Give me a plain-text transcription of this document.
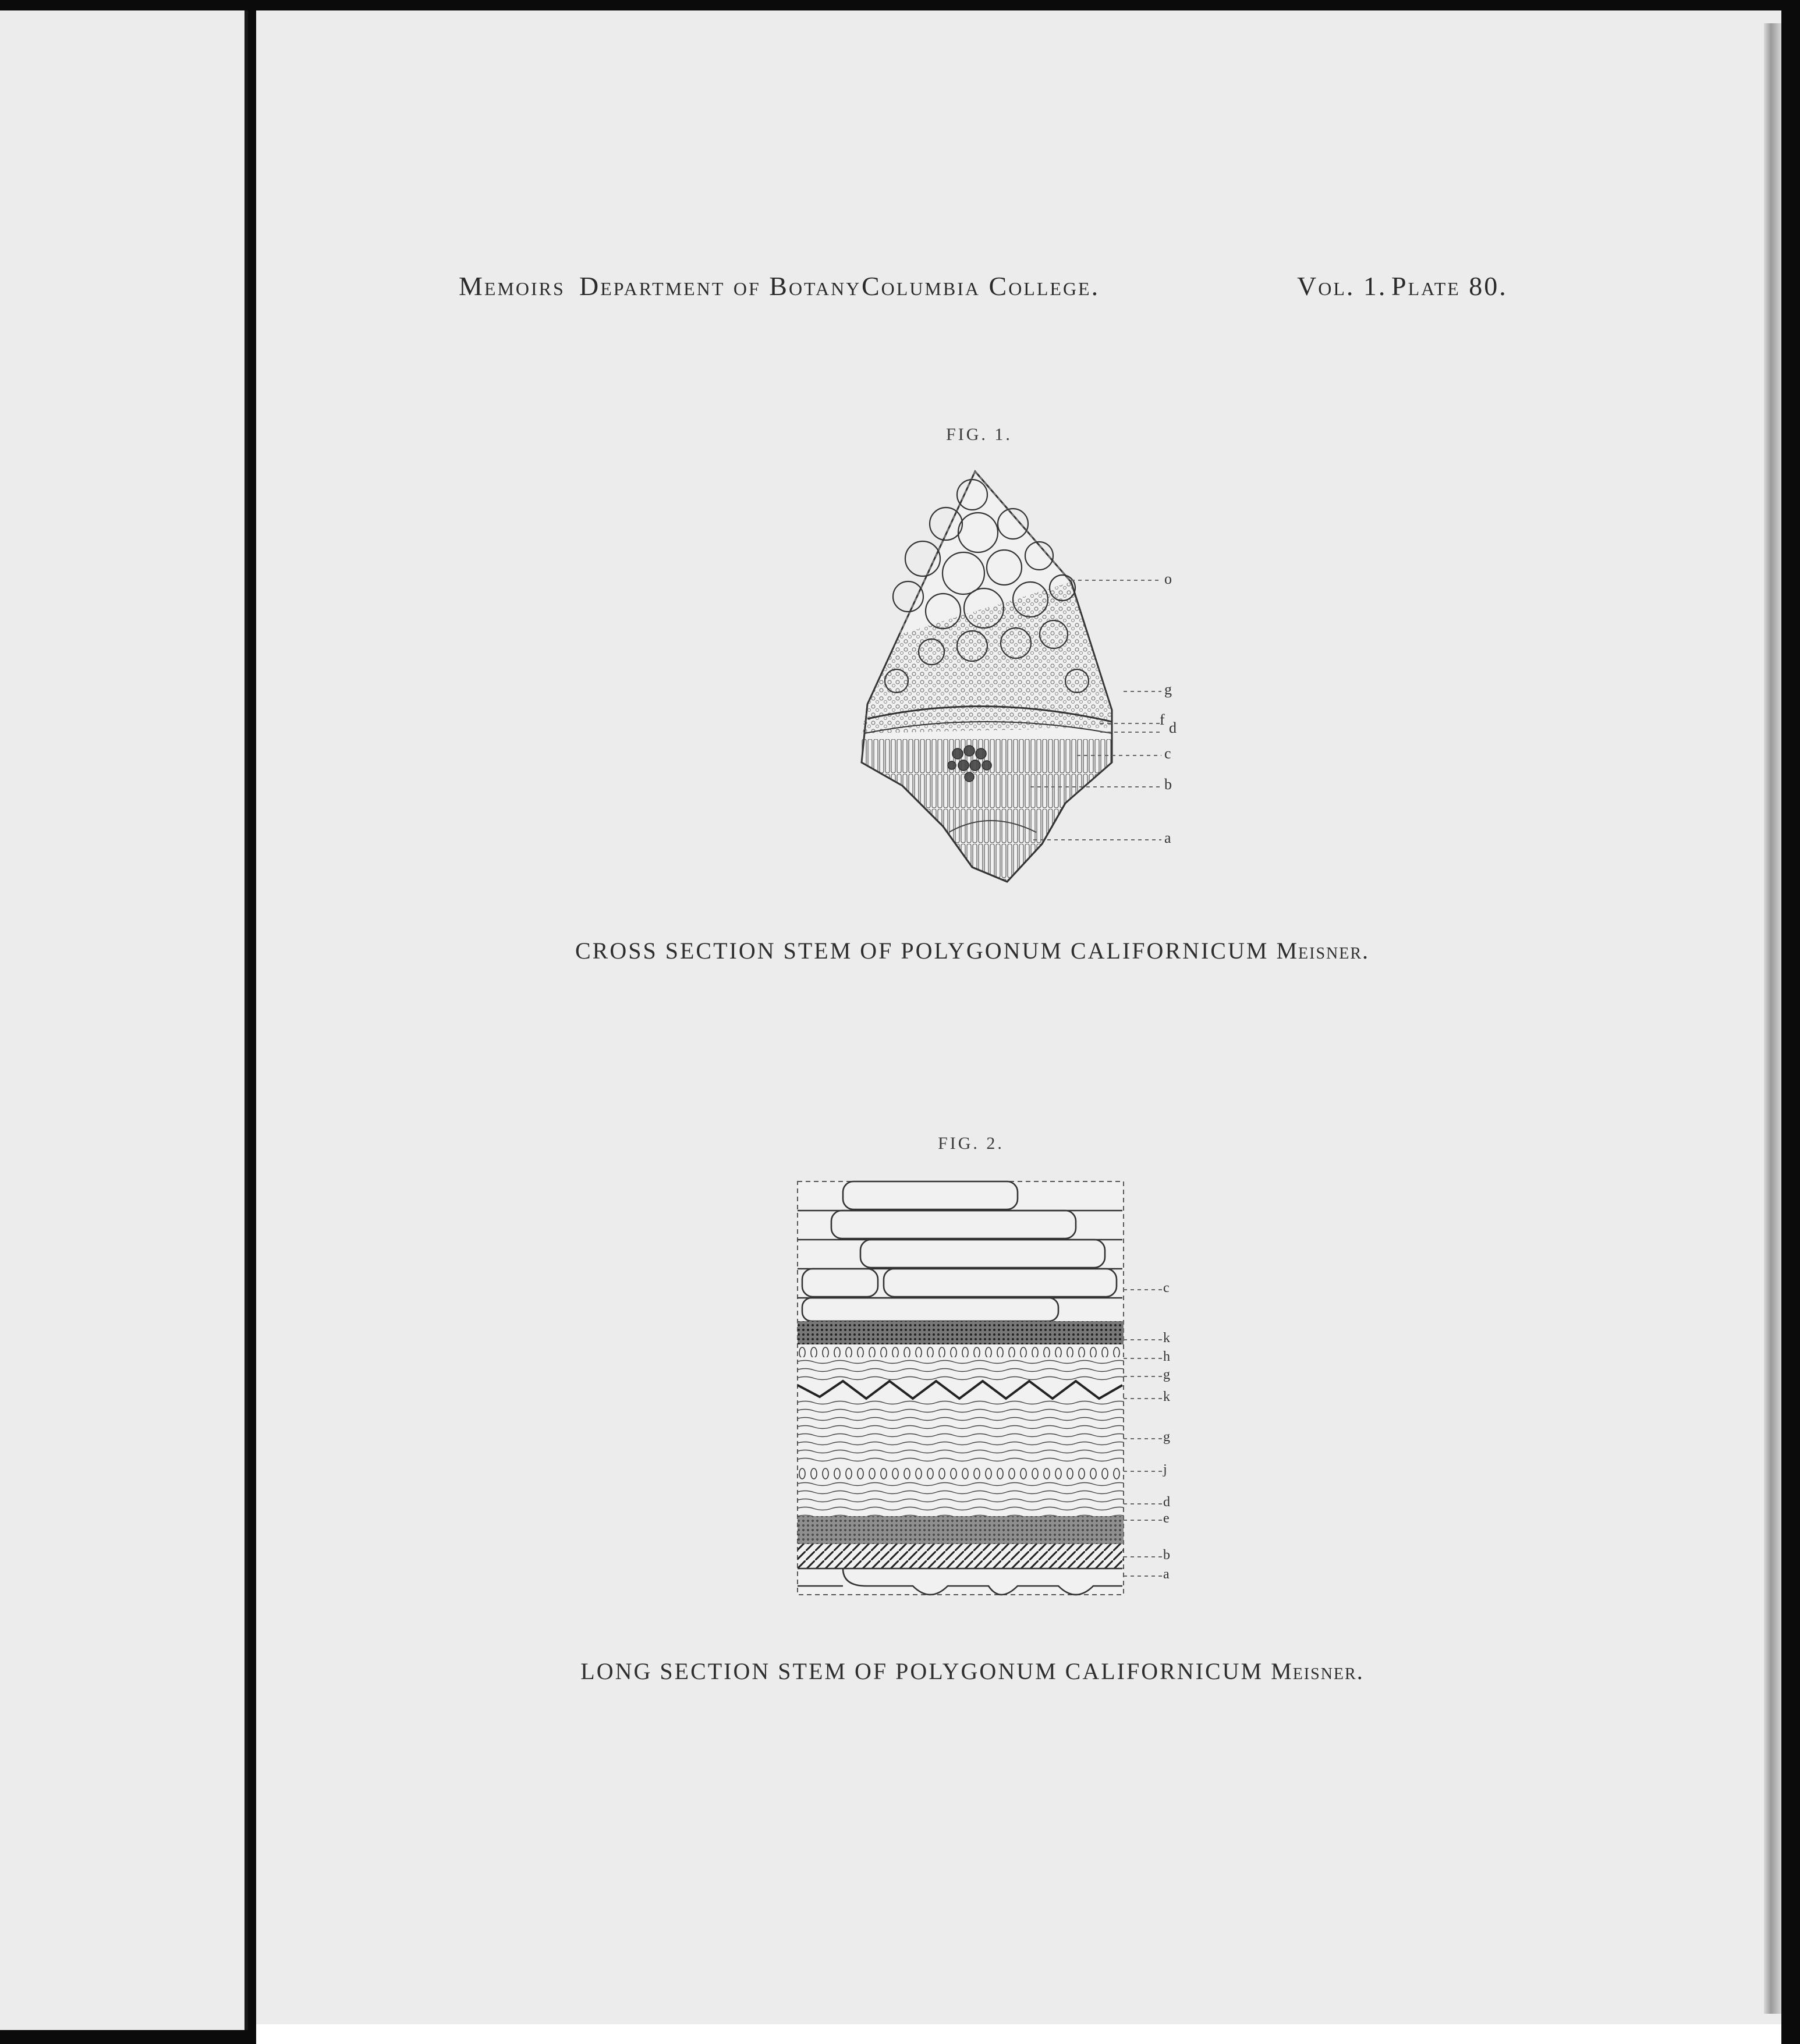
Memoirs Department of Botany Columbia College.	Vol. 1. Plate 80.
FIG. 1.
o
g
f d
c
b
a
CROSS SECTION STEM OF POLYGONUM CALIFORNICUM Meisner.
FIG. 2.
c
k
h
g
k
g
j
d
e
b
a
LONG SECTION STEM OF POLYGONUM CALIFORNICUM Meisner.
